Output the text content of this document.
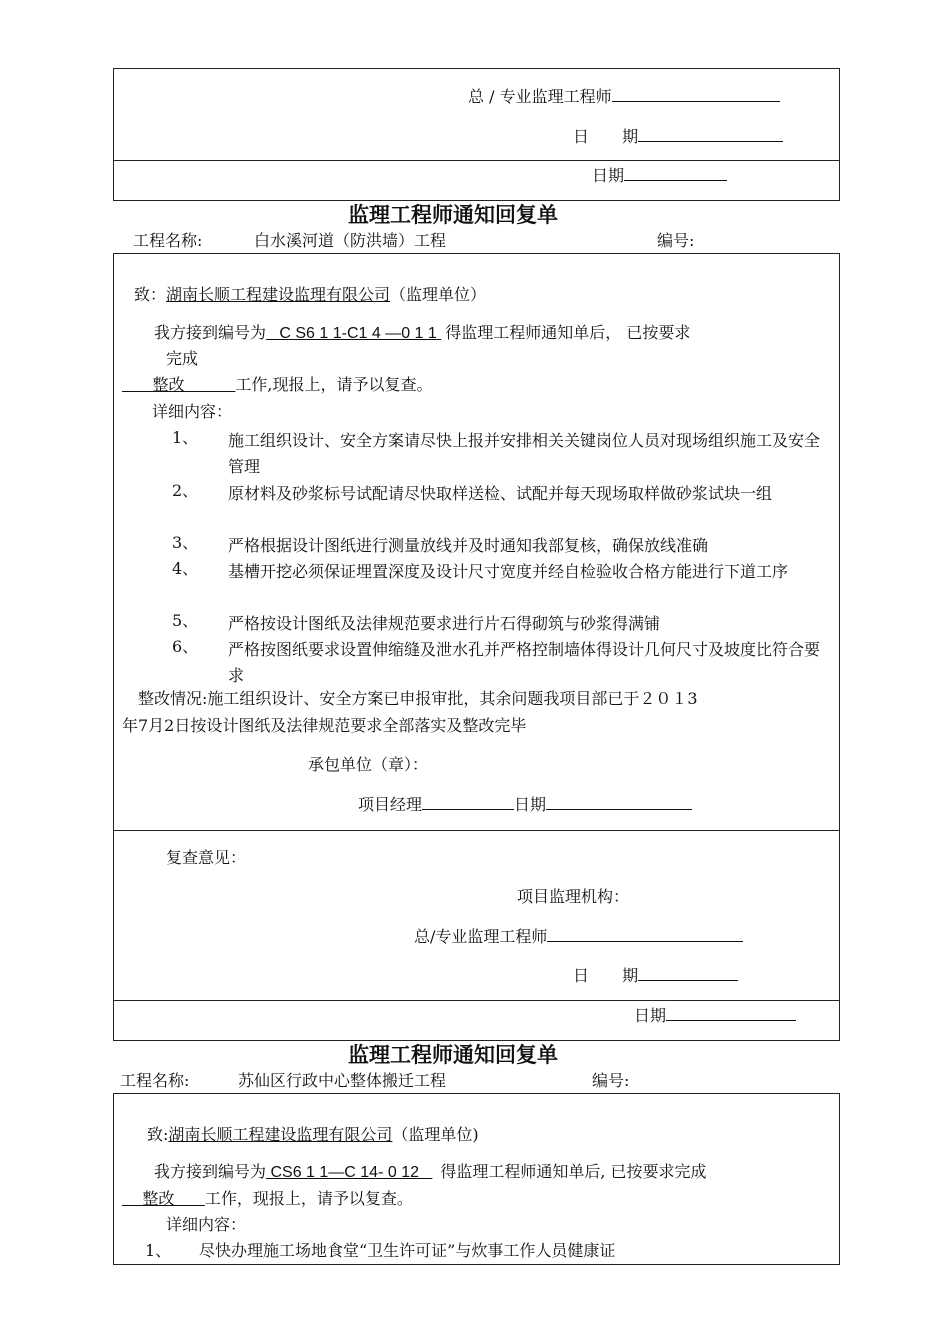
总 / 专业监理工程师
日 期
日期
监理工程师通知回复单
工程名称:	白水溪河道（防洪墙）工程	编号:
致：湖南长顺工程建设监理有限公司（监理单位）
我方接到编号为 C S6 1 1-C1 4 —0 1 1 得监理工程师通知单后， 已按要求
完成
整改	工作,现报上，请予以复查。
详细内容：
1、 施工组织设计、安全方案请尽快上报并安排相关关键岗位人员对现场组织施工及安全管理
2、 原材料及砂浆标号试配请尽快取样送检、试配并每天现场取样做砂浆试块一组
3、 严格根据设计图纸进行测量放线并及时通知我部复核，确保放线准确
4、 基槽开挖必须保证埋置深度及设计尺寸宽度并经自检验收合格方能进行下道工序
5、 严格按设计图纸及法律规范要求进行片石得砌筑与砂浆得满铺
6、 严格按图纸要求设置伸缩缝及泄水孔并严格控制墙体得设计几何尺寸及坡度比符合要求
整改情况:施工组织设计、安全方案已申报审批，其余问题我项目部已于２０１3
年7月2日按设计图纸及法律规范要求全部落实及整改完毕
承包单位（章）：
项目经理	日期
复查意见：
项目监理机构：
总/专业监理工程师
日 期
日期
监理工程师通知回复单
工程名称:	苏仙区行政中心整体搬迁工程	编号:
致:湖南长顺工程建设监理有限公司（监理单位)
我方接到编号为 CS6 1 1—C 14- 0 12 得监理工程师通知单后, 已按要求完成
整改 工作，现报上，请予以复查。
详细内容：
1、 尽快办理施工场地食堂“卫生许可证”与炊事工作人员健康证
